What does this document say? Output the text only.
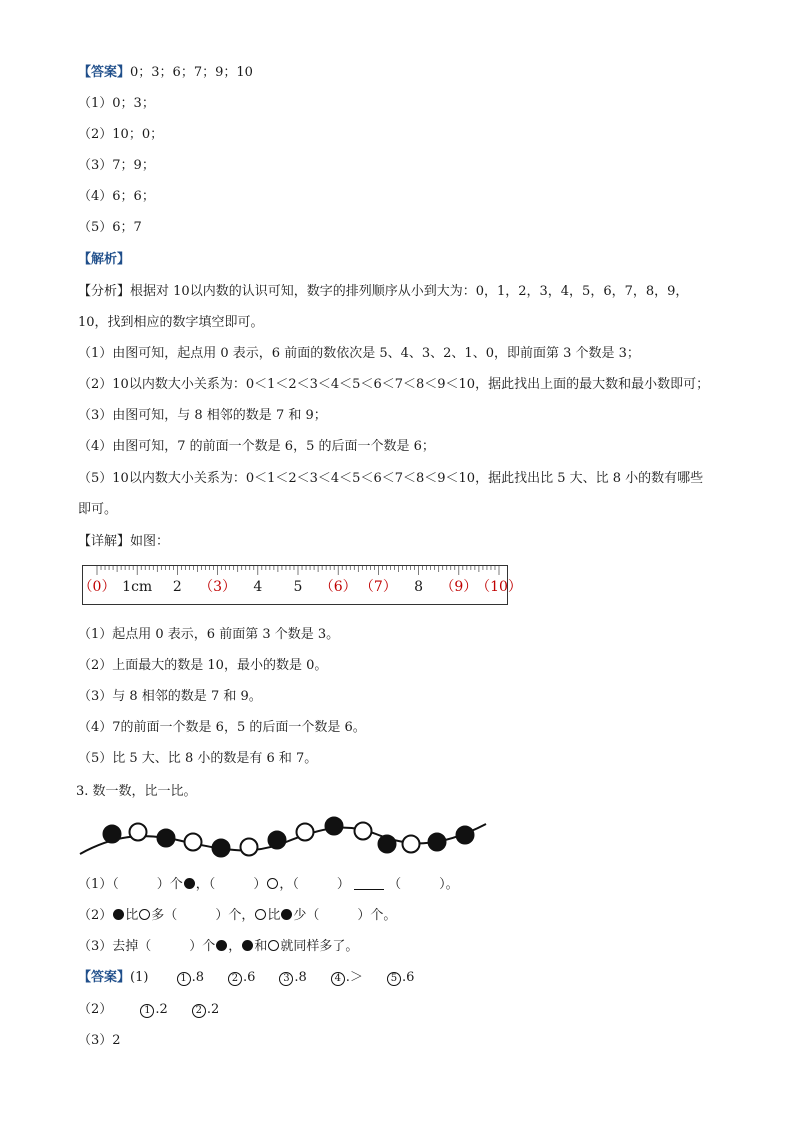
【答案】0；3；6；7；9；10
（1）0；3；
（2）10；0；
（3）7；9；
（4）6；6；
（5）6；7
【解析】
【分析】根据对 10以内数的认识可知，数字的排列顺序从小到大为：0，1，2，3，4，5，6，7，8，9，
10，找到相应的数字填空即可。
（1）由图可知，起点用 0 表示，6 前面的数依次是 5、4、3、2、1、0，即前面第 3 个数是 3；
（2）10以内数大小关系为：0＜1＜2＜3＜4＜5＜6＜7＜8＜9＜10，据此找出上面的最大数和最小数即可；
（3）由图可知，与 8 相邻的数是 7 和 9；
（4）由图可知，7 的前面一个数是 6，5 的后面一个数是 6；
（5）10以内数大小关系为：0＜1＜2＜3＜4＜5＜6＜7＜8＜9＜10，据此找出比 5 大、比 8 小的数有哪些
即可。
【详解】如图：
（0） 1cm 2 （3） 4 5 （6） （7） 8 （9）
（10）
（1）起点用 0 表示，6 前面第 3 个数是 3。
（2）上面最大的数是 10，最小的数是 0。
（3）与 8 相邻的数是 7 和 9。
（4）7的前面一个数是 6，5 的后面一个数是 6。
（5）比 5 大、比 8 小的数是有 6 和 7。
3. 数一数，比一比。
（1）（	）个 ，（	） ，（	）	（	）。
（2） 比 多（	）个， 比 少（	）个。
（3）去掉（	）个 ， 和 就同样多了。
【答案】(1)	1 .8	2 .6	3 .8	4 .＞	5 .6
（2）	1 .2	2 .2
（3）2
